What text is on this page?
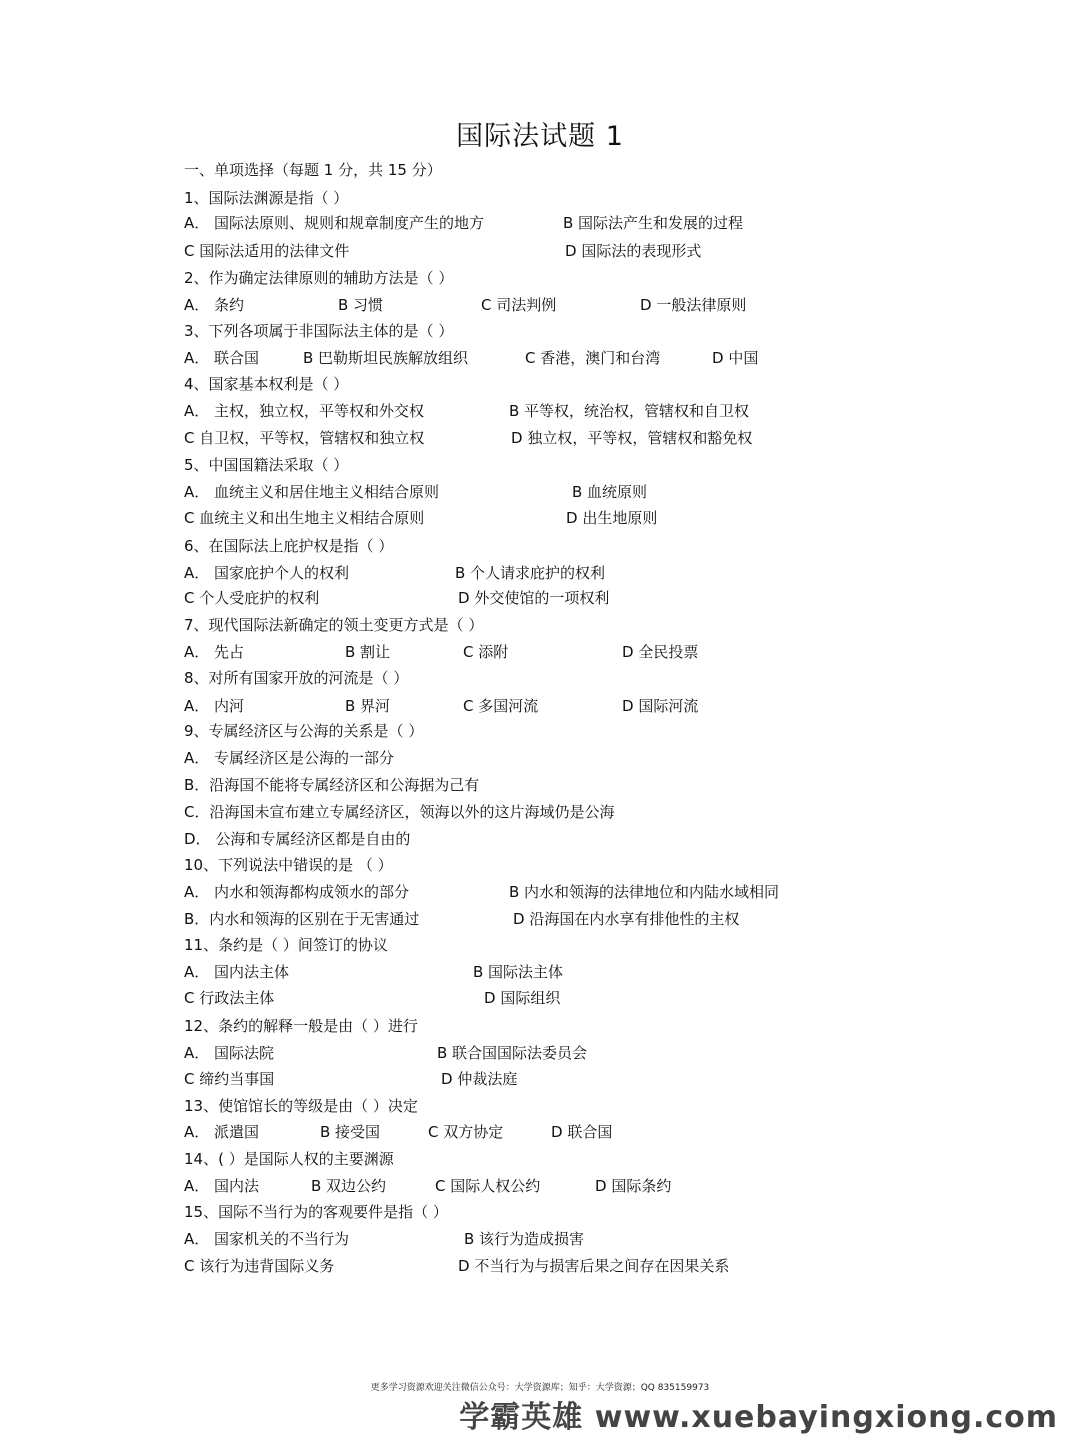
国际法试题 1
一、单项选择（每题 1 分，共 15 分）
1、国际法渊源是指（ ）
A． 国际法原则、规则和规章制度产生的地方	B 国际法产生和发展的过程
C 国际法适用的法律文件	D 国际法的表现形式
2、作为确定法律原则的辅助方法是（ ）
A． 条约	B 习惯	C 司法判例	D 一般法律原则
3、下列各项属于非国际法主体的是（ ）
A． 联合国	B 巴勒斯坦民族解放组织	C 香港，澳门和台湾	D 中国
4、国家基本权利是（ ）
A． 主权，独立权，平等权和外交权	B 平等权，统治权，管辖权和自卫权
C 自卫权，平等权，管辖权和独立权	D 独立权，平等权，管辖权和豁免权
5、中国国籍法采取（ ）
A． 血统主义和居住地主义相结合原则	B 血统原则
C 血统主义和出生地主义相结合原则	D 出生地原则
6、在国际法上庇护权是指（ ）
A． 国家庇护个人的权利	B 个人请求庇护的权利
C 个人受庇护的权利	D 外交使馆的一项权利
7、现代国际法新确定的领土变更方式是（ ）
A． 先占	B 割让	C 添附	D 全民投票
8、对所有国家开放的河流是（ ）
A． 内河	B 界河	C 多国河流	D 国际河流
9、专属经济区与公海的关系是（ ）
A． 专属经济区是公海的一部分
B．沿海国不能将专属经济区和公海据为己有
C．沿海国未宣布建立专属经济区，领海以外的这片海域仍是公海
D． 公海和专属经济区都是自由的
10、下列说法中错误的是 （ ）
A． 内水和领海都构成领水的部分	B 内水和领海的法律地位和内陆水域相同
B．内水和领海的区别在于无害通过	D 沿海国在内水享有排他性的主权
11、条约是（ ）间签订的协议
A． 国内法主体	B 国际法主体
C 行政法主体	D 国际组织
12、条约的解释一般是由（ ）进行
A． 国际法院	B 联合国国际法委员会
C 缔约当事国	D 仲裁法庭
13、使馆馆长的等级是由（ ）决定
A． 派遣国	B 接受国	C 双方协定	D 联合国
14、( ）是国际人权的主要渊源
A． 国内法	B 双边公约	C 国际人权公约	D 国际条约
15、国际不当行为的客观要件是指（ ）
A． 国家机关的不当行为	B 该行为造成损害
C 该行为违背国际义务	D 不当行为与损害后果之间存在因果关系
更多学习资源欢迎关注微信公众号：大学资源库；知乎：大学资源；QQ 835159973
学霸英雄 www.xuebayingxiong.com
